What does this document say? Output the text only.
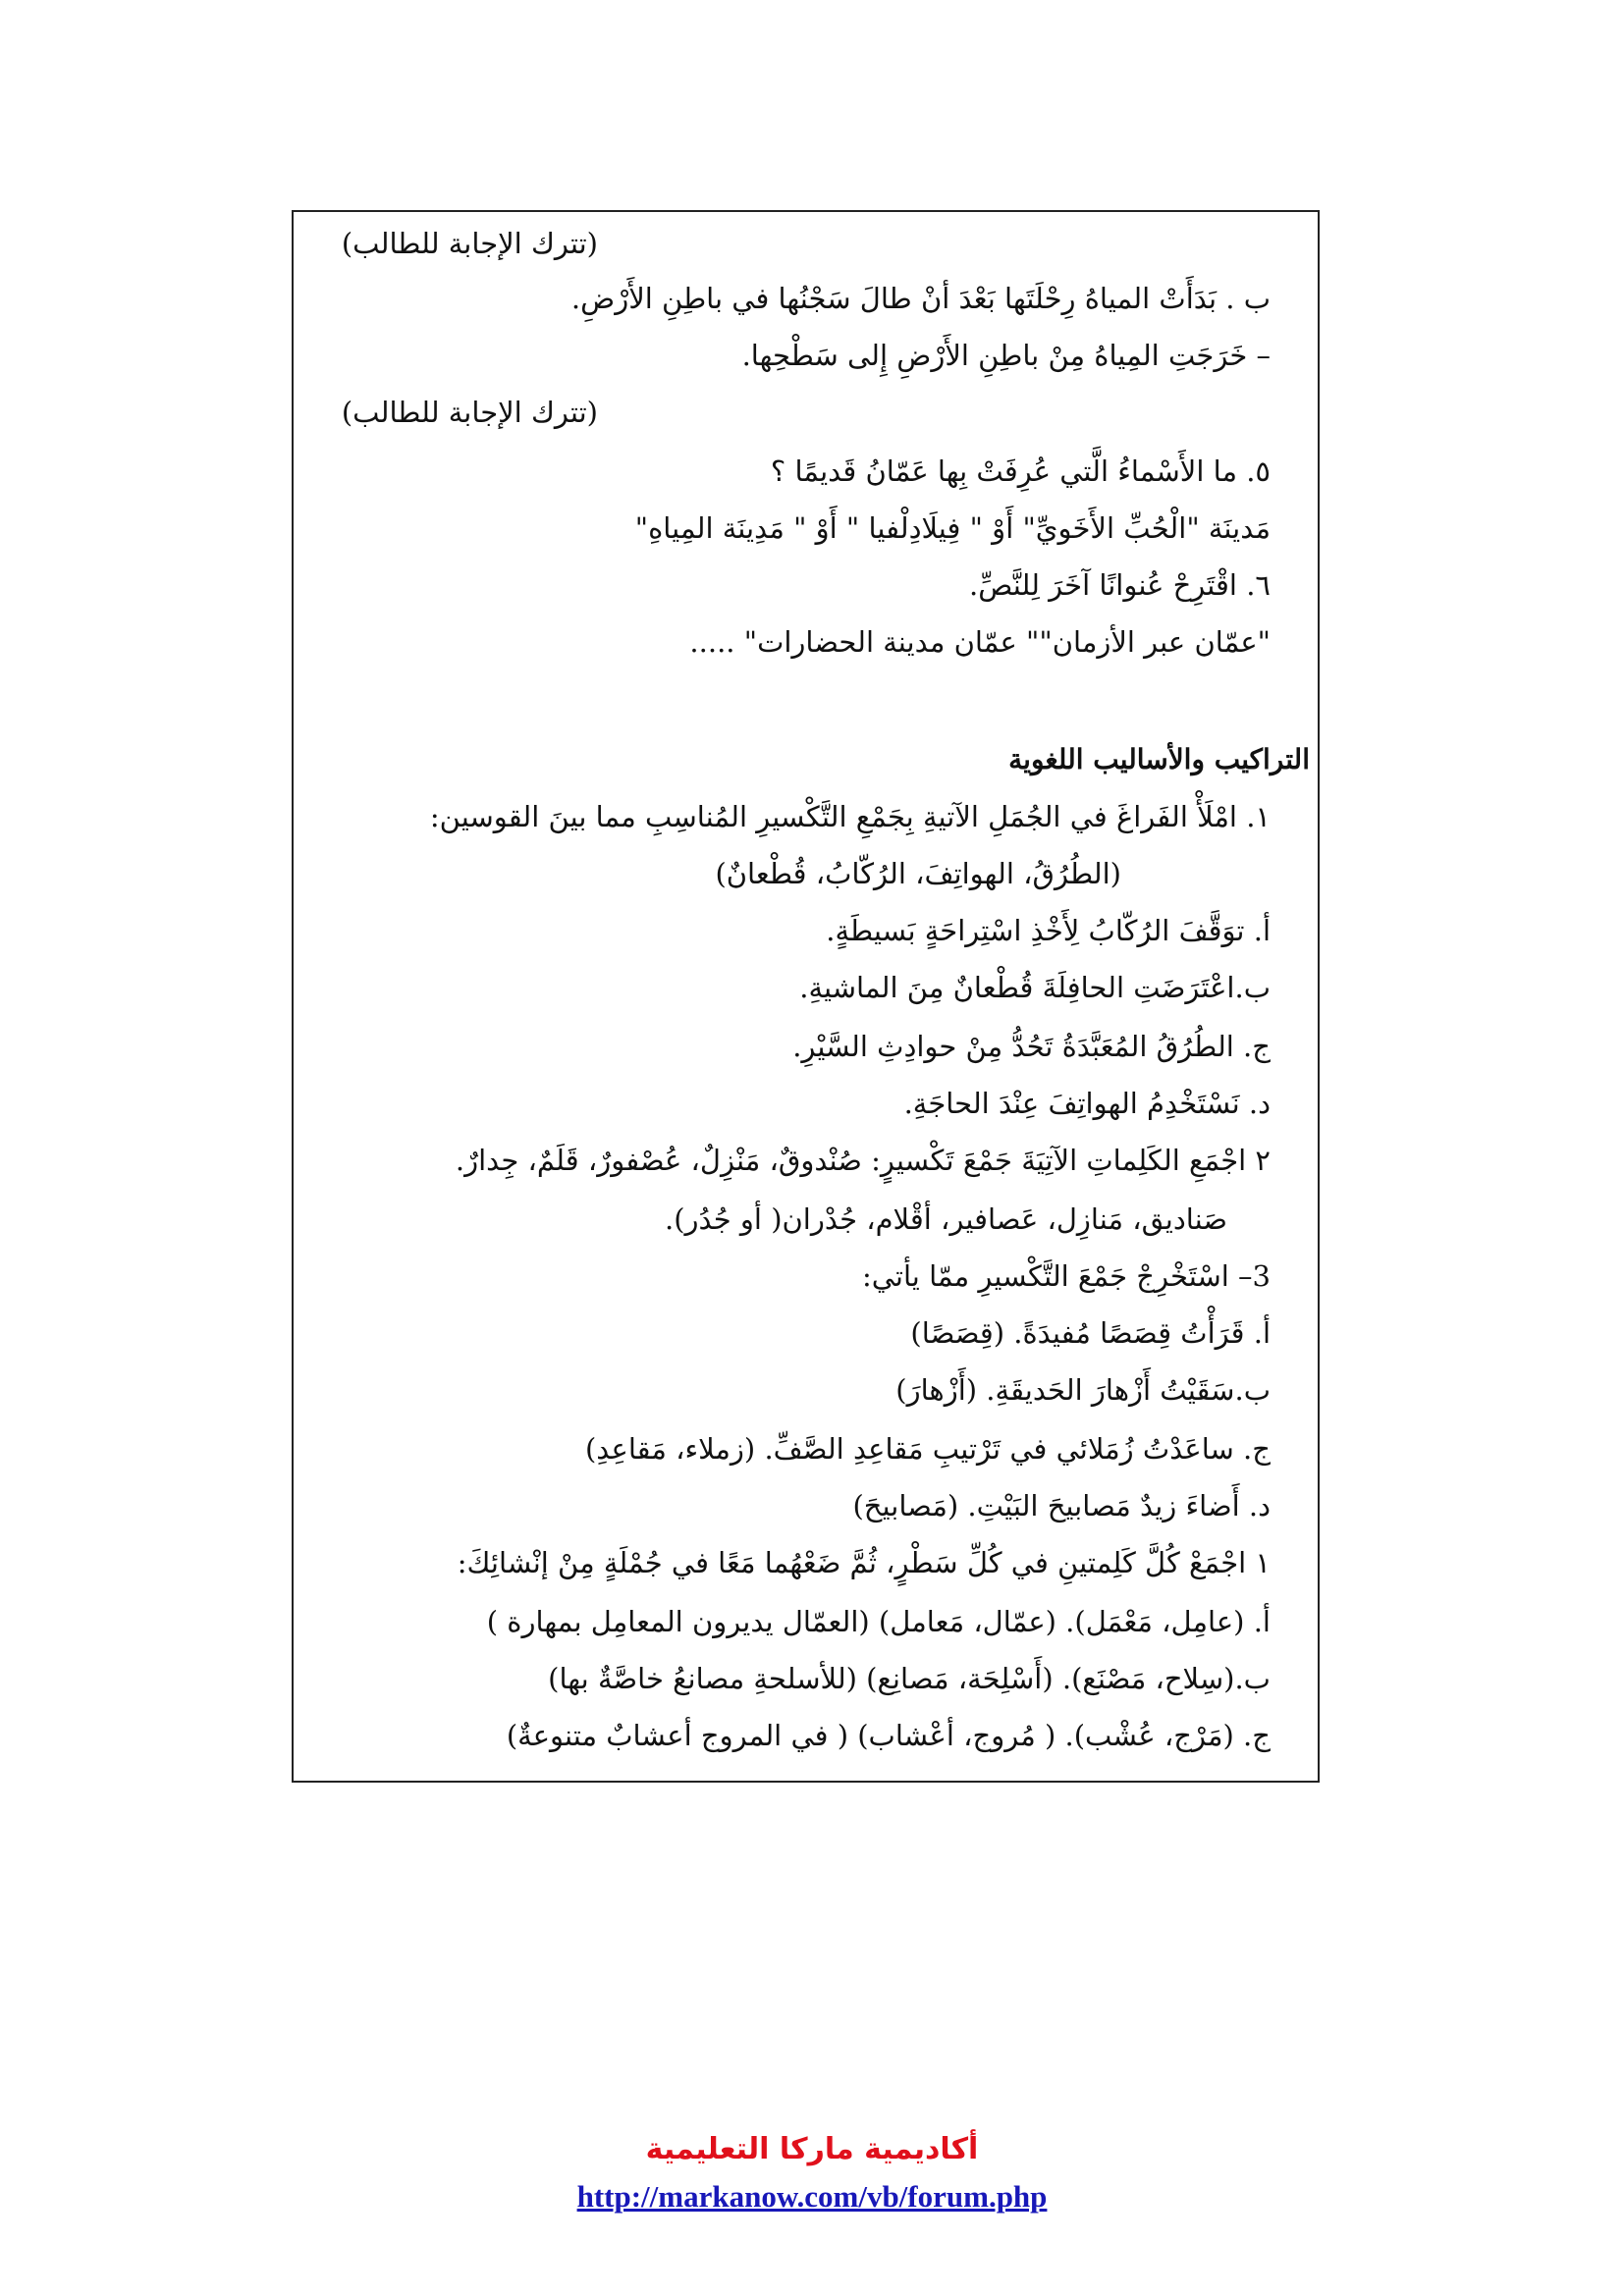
(تترك الإجابة للطالب)
ب . بَدَأَتْ المياهُ رِحْلَتَها بَعْدَ أنْ طالَ سَجْنُها في باطِنِ الأَرْضِ.
– خَرَجَتِ المِياهُ مِنْ باطِنِ الأَرْضِ إِلى سَطْحِها.
(تترك الإجابة للطالب)
٥. ما الأَسْماءُ الَّتي عُرِفَتْ بِها عَمّانُ قَديمًا ؟
مَدينَة "الْحُبِّ الأَخَويِّ" أَوْ " فِيلَادِلْفيا " أَوْ " مَدِينَة المِياهِ"
٦. اقْتَرِحْ عُنوانًا آخَرَ لِلنَّصِّ.
"عمّان عبر الأزمان"" عمّان مدينة الحضارات" .....
التراكيب والأساليب اللغوية
١. امْلَأْ الفَراغَ في الجُمَلِ الآتيةِ بِجَمْعِ التَّكْسيرِ المُناسِبِ مما بينَ القوسين:
(الطُرُقُ، الهواتِفَ، الرُكّابُ، قُطْعانٌ)
أ. توَقَّفَ الرُكّابُ لِأَخْذِ اسْتِراحَةٍ بَسيطَةٍ.
ب.اعْتَرَضَتِ الحافِلَةَ قُطْعانٌ مِنَ الماشيةِ.
ج. الطُرُقُ المُعَبَّدَةُ تَحُدُّ مِنْ حوادِثِ السَّيْرِ.
د. نَسْتَخْدِمُ الهواتِفَ عِنْدَ الحاجَةِ.
٢ اجْمَعِ الكَلِماتِ الآتِيَةَ جَمْعَ تَكْسيرٍ: صُنْدوقٌ، مَنْزِلٌ، عُصْفورٌ، قَلَمٌ، جِدارٌ.
صَناديق، مَنازِل، عَصافير، أقْلام، جُدْران( أو جُدُر).
3– اسْتَخْرِجْ جَمْعَ التَّكْسيرِ ممّا يأتي:
أ. قَرَأْتُ قِصَصًا مُفيدَةً. (قِصَصًا)
ب.سَقَيْتُ أَزْهارَ الحَديقَةِ. (أَزْهارَ)
ج. ساعَدْتُ زُمَلائي في تَرْتيبِ مَقاعِدِ الصَّفِّ. (زملاء، مَقاعِدِ)
د. أَضاءَ زيدٌ مَصابيحَ البَيْتِ. (مَصابيحَ)
١ اجْمَعْ كُلَّ كَلِمتينِ في كُلِّ سَطْرٍ، ثُمَّ ضَعْهُما مَعًا في جُمْلَةٍ مِنْ إنْشائِكَ:
أ. (عامِل، مَعْمَل). (عمّال، مَعامل) (العمّال يديرون المعامِل بمهارة )
ب.(سِلاح، مَصْنَع). (أَسْلِحَة، مَصانِع) (للأسلحةِ مصانعُ خاصَّةٌ بها)
ج. (مَرْج، عُشْب). ( مُروج، أعْشاب) ( في المروج أعشابٌ متنوعةٌ)
أكاديمية ماركا التعليمية
http://markanow.com/vb/forum.php
